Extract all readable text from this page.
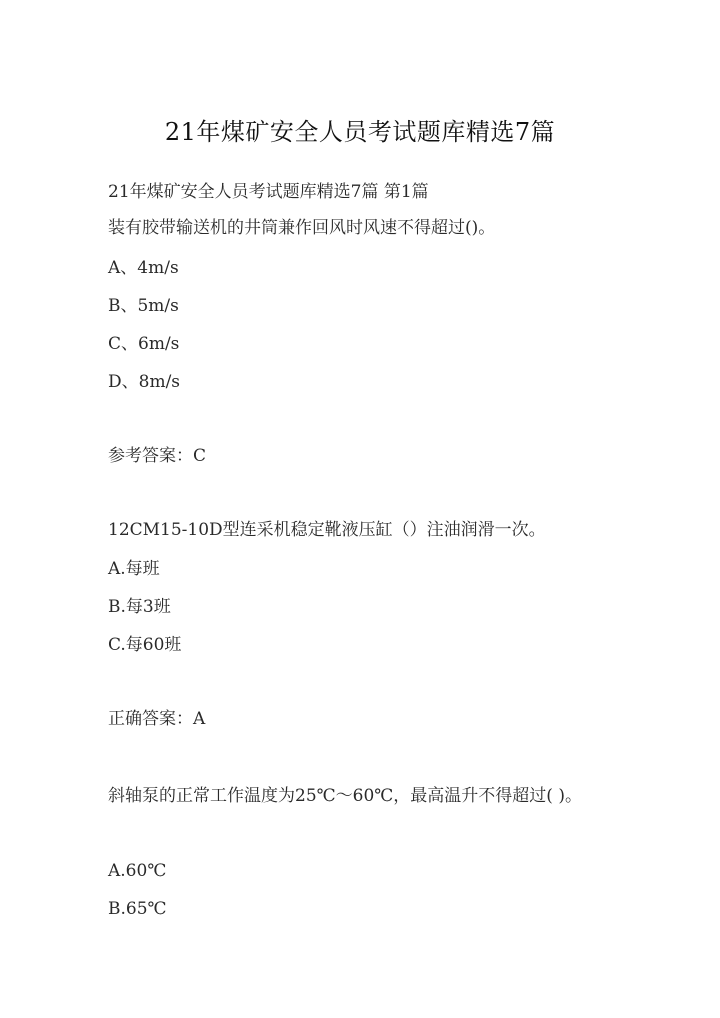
21年煤矿安全人员考试题库精选7篇
21年煤矿安全人员考试题库精选7篇 第1篇
装有胶带输送机的井筒兼作回风时风速不得超过()。
A、4m/s
B、5m/s
C、6m/s
D、8m/s
参考答案：C
12CM15-10D型连采机稳定靴液压缸（）注油润滑一次。
A.每班
B.每3班
C.每60班
正确答案：A
斜轴泵的正常工作温度为25℃～60℃，最高温升不得超过( )。
A.60℃
B.65℃
